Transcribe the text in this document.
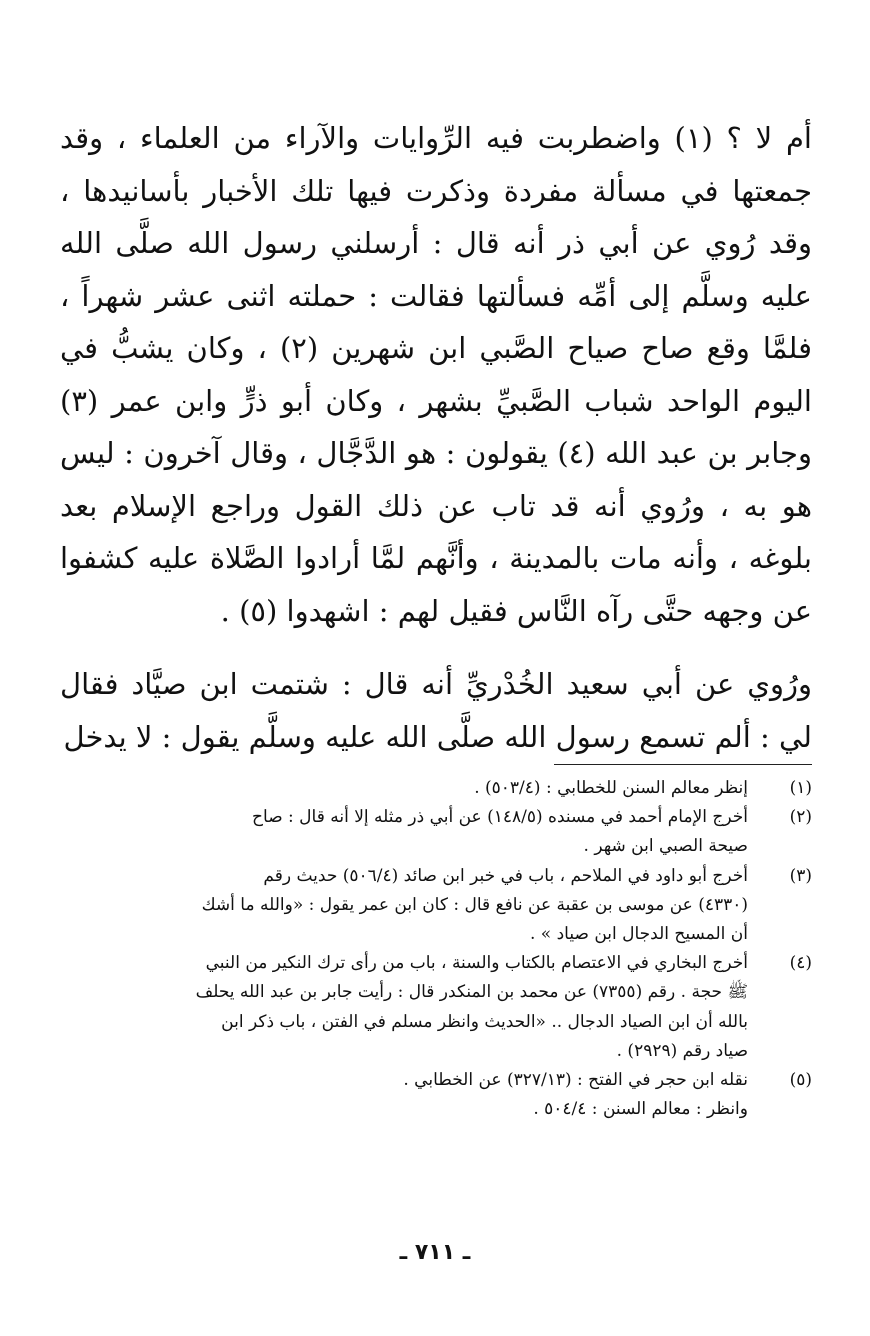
أم لا ؟ (١) واضطربت فيه الرِّوايات والآراء من العلماء ، وقد جمعتها في مسألة مفردة وذكرت فيها تلك الأخبار بأسانيدها ، وقد رُوي عن أبي ذر أنه قال : أرسلني رسول الله صلَّى الله عليه وسلَّم إلى أمِّه فسألتها فقالت : حملته اثنى عشر شهراً ، فلمَّا وقع صاح صياح الصَّبي ابن شهرين (٢) ، وكان يشبُّ في اليوم الواحد شباب الصَّبيِّ بشهر ، وكان أبو ذرٍّ وابن عمر (٣) وجابر بن عبد الله (٤) يقولون : هو الدَّجَّال ، وقال آخرون : ليس هو به ، ورُوي أنه قد تاب عن ذلك القول وراجع الإسلام بعد بلوغه ، وأنه مات بالمدينة ، وأنَّهم لمَّا أرادوا الصَّلاة عليه كشفوا عن وجهه حتَّى رآه النَّاس فقيل لهم : اشهدوا (٥) .

ورُوي عن أبي سعيد الخُدْريِّ أنه قال : شتمت ابن صيَّاد فقال لي : ألم تسمع رسول الله صلَّى الله عليه وسلَّم يقول : لا يدخل

(١)
إنظر معالم السنن للخطابي : (٥٠٣/٤) .
(٢)
أخرج الإمام أحمد في مسنده (١٤٨/٥) عن أبي ذر مثله إلا أنه قال : صاح
صيحة الصبي ابن شهر .
(٣)
أخرج أبو داود في الملاحم ، باب في خبر ابن صائد (٥٠٦/٤) حديث رقم
(٤٣٣٠) عن موسى بن عقبة عن نافع قال : كان ابن عمر يقول : «والله ما أشك
أن المسيح الدجال ابن صياد » .
(٤)
أخرج البخاري في الاعتصام بالكتاب والسنة ، باب من رأى ترك النكير من النبي
ﷺ حجة . رقم (٧٣٥٥) عن محمد بن المنكدر قال : رأيت جابر بن عبد الله يحلف
بالله أن ابن الصياد الدجال .. «الحديث وانظر مسلم في الفتن ، باب ذكر ابن
صياد رقم (٢٩٢٩) .
(٥)
نقله ابن حجر في الفتح : (٣٢٧/١٣) عن الخطابي .
وانظر : معالم السنن : ٥٠٤/٤ .
ـ ٧١١ ـ
